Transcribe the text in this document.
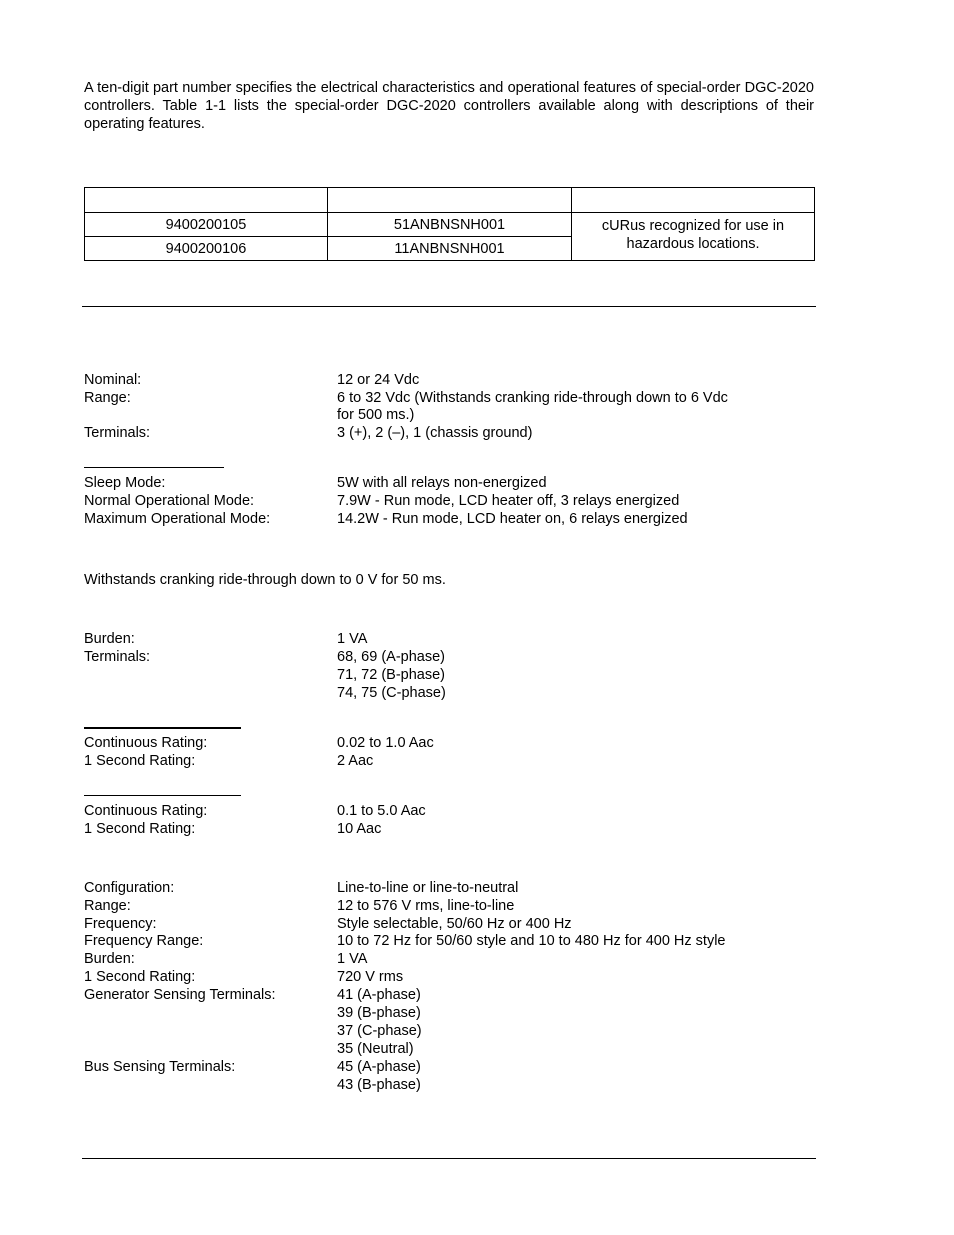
A ten-digit part number specifies the electrical characteristics and operational features of special-order DGC-2020 controllers. Table 1-1 lists the special-order DGC-2020 controllers available along with descriptions of their operating features.

9400200105	51ANBNSNH001	cURus recognized for use in hazardous locations.
9400200106	11ANBNSNH001	
Nominal:	12 or 24 Vdc
Range:	6 to 32 Vdc (Withstands cranking ride-through down to 6 Vdc
for 500 ms.)
Terminals:	3 (+), 2 (–), 1 (chassis ground)
Sleep Mode:	5W with all relays non-energized
Normal Operational Mode:	7.9W - Run mode, LCD heater off, 3 relays energized
Maximum Operational Mode:	14.2W - Run mode, LCD heater on, 6 relays energized
Withstands cranking ride-through down to 0 V for 50 ms.
Burden:	1 VA
Terminals:	68, 69 (A-phase)
71, 72 (B-phase)
74, 75 (C-phase)
Continuous Rating:	0.02 to 1.0 Aac
1 Second Rating:	2 Aac
Continuous Rating:	0.1 to 5.0 Aac
1 Second Rating:	10 Aac
Configuration:	Line-to-line or line-to-neutral
Range:	12 to 576 V rms, line-to-line
Frequency:	Style selectable, 50/60 Hz or 400 Hz
Frequency Range:	10 to 72 Hz for 50/60 style and 10 to 480 Hz for 400 Hz style
Burden:	1 VA
1 Second Rating:	720 V rms
Generator Sensing Terminals:	41 (A-phase)
39 (B-phase)
37 (C-phase)
35 (Neutral)
Bus Sensing Terminals:	45 (A-phase)
43 (B-phase)
